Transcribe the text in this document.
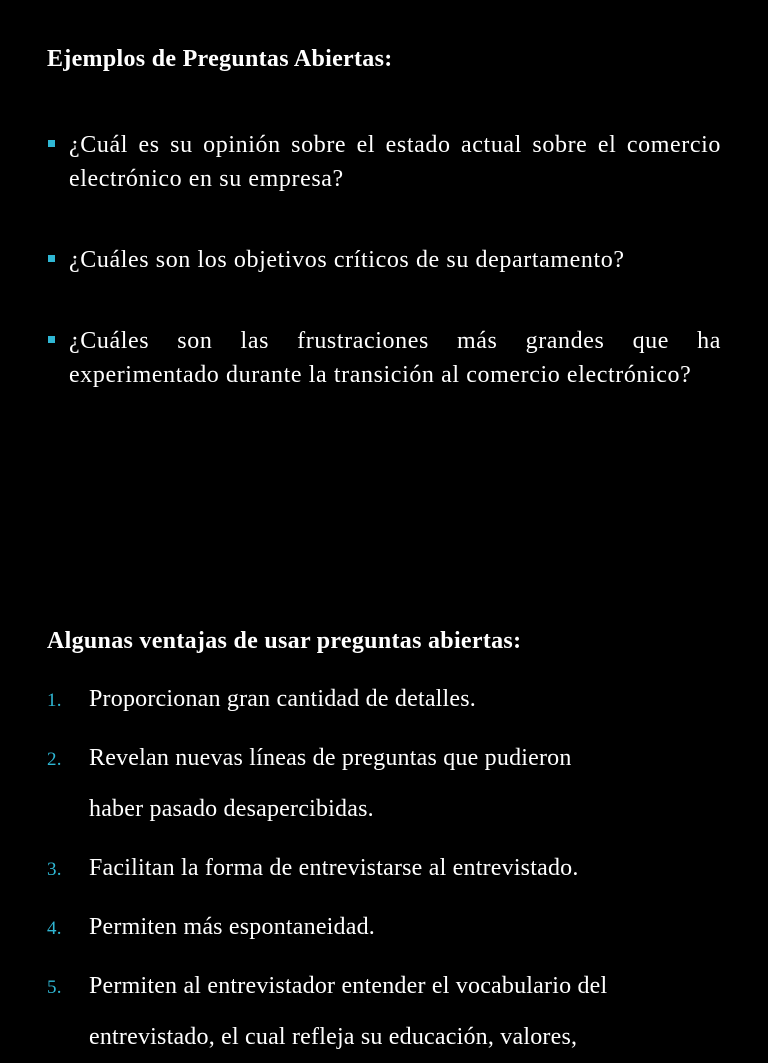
Ejemplos de Preguntas Abiertas:
¿Cuál es su opinión sobre el estado actual sobre el comercio electrónico en su empresa?
¿Cuáles son los objetivos críticos de su departamento?
¿Cuáles son las frustraciones más grandes que ha experimentado durante la transición al comercio electrónico?
Algunas ventajas de usar preguntas abiertas:
1. Proporcionan gran cantidad de detalles.
2. Revelan nuevas líneas de preguntas que pudieron
haber pasado desapercibidas.
3. Facilitan la forma de entrevistarse al entrevistado.
4. Permiten más espontaneidad.
5. Permiten al entrevistador entender el vocabulario del
entrevistado, el cual refleja su educación, valores,
